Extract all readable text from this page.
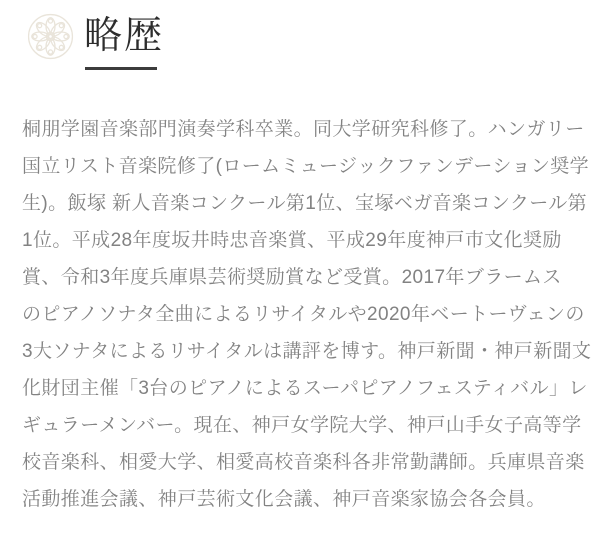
略歴
桐朋学園音楽部門演奏学科卒業。同大学研究科修了。ハンガリー
国立リスト音楽院修了(ロームミュージックファンデーション奨学
生)。飯塚 新人音楽コンクール第1位、宝塚ベガ音楽コンクール第
1位。平成28年度坂井時忠音楽賞、平成29年度神戸市文化奨励
賞、令和3年度兵庫県芸術奨励賞など受賞。2017年ブラームス
のピアノソナタ全曲によるリサイタルや2020年ベートーヴェンの
3大ソナタによるリサイタルは講評を博す。神戸新聞・神戸新聞文
化財団主催「3台のピアノによるスーパピアノフェスティバル」レ
ギュラーメンバー。現在、神戸女学院大学、神戸山手女子高等学
校音楽科、相愛大学、相愛高校音楽科各非常勤講師。兵庫県音楽
活動推進会議、神戸芸術文化会議、神戸音楽家協会各会員。
